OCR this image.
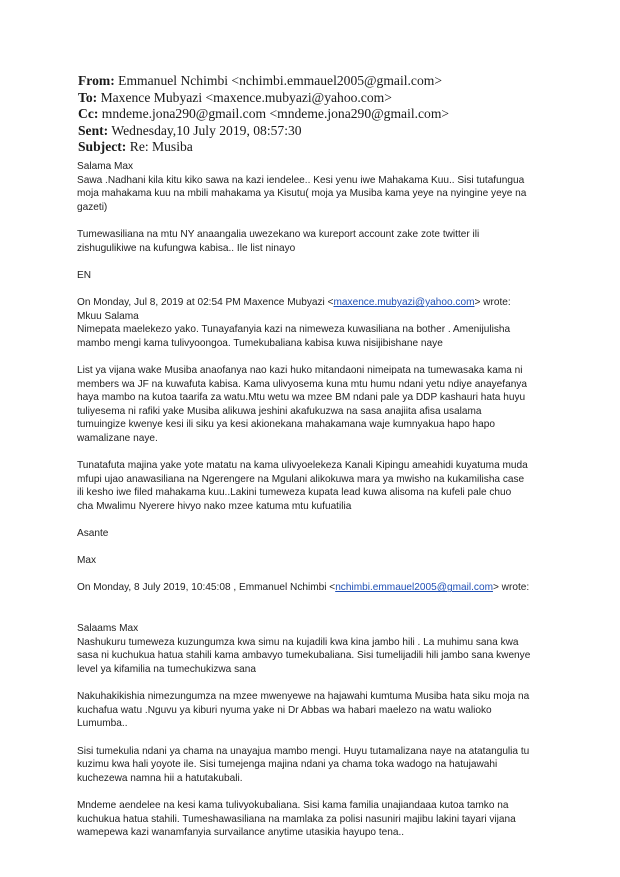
From: Emmanuel Nchimbi <nchimbi.emmauel2005@gmail.com>
To: Maxence Mubyazi <maxence.mubyazi@yahoo.com>
Cc: mndeme.jona290@gmail.com <mndeme.jona290@gmail.com>
Sent: Wednesday,10 July 2019, 08:57:30
Subject: Re: Musiba

Salama Max

Sawa .Nadhani kila kitu kiko sawa na kazi iendelee.. Kesi yenu iwe Mahakama Kuu.. Sisi tutafungua

moja mahakama kuu na mbili mahakama ya Kisutu( moja ya Musiba kama yeye na nyingine yeye na

gazeti)

Tumewasiliana na mtu NY anaangalia uwezekano wa kureport account zake zote twitter ili

zishugulikiwe na kufungwa kabisa.. Ile list ninayo

EN

On Monday, Jul 8, 2019 at 02:54 PM Maxence Mubyazi <maxence.mubyazi@yahoo.com> wrote:

Mkuu Salama

Nimepata maelekezo yako. Tunayafanyia kazi na nimeweza kuwasiliana na bother . Amenijulisha

mambo mengi kama tulivyoongoa. Tumekubaliana kabisa kuwa nisijibishane naye

List ya vijana wake Musiba anaofanya nao kazi huko mitandaoni nimeipata na tumewasaka kama ni

members wa JF na kuwafuta kabisa. Kama ulivyosema kuna mtu humu ndani yetu ndiye anayefanya

haya mambo na kutoa taarifa za watu.Mtu wetu wa mzee BM ndani pale ya DDP kashauri hata huyu

tuliyesema ni rafiki yake Musiba alikuwa jeshini akafukuzwa na sasa anajiita afisa usalama

tumuingize kwenye kesi ili siku ya kesi akionekana mahakamana waje kumnyakua hapo hapo

wamalizane naye.

Tunatafuta majina yake yote matatu na kama ulivyoelekeza Kanali Kipingu ameahidi kuyatuma muda

mfupi ujao anawasiliana na Ngerengere na Mgulani alikokuwa mara ya mwisho na kukamilisha case

ili kesho iwe filed mahakama kuu..Lakini tumeweza kupata lead kuwa alisoma na kufeli pale chuo

cha Mwalimu Nyerere hivyo nako mzee katuma mtu kufuatilia

Asante

Max

On Monday, 8 July 2019, 10:45:08 , Emmanuel Nchimbi <nchimbi.emmauel2005@gmail.com> wrote:

Salaams Max

Nashukuru tumeweza kuzungumza kwa simu na kujadili kwa kina jambo hili . La muhimu sana kwa

sasa ni kuchukua hatua stahili kama ambavyo tumekubaliana. Sisi tumelijadili hili jambo sana kwenye

level ya kifamilia na tumechukizwa sana

Nakuhakikishia nimezungumza na mzee mwenyewe na hajawahi kumtuma Musiba hata siku moja na

kuchafua watu .Nguvu ya kiburi nyuma yake ni Dr Abbas wa habari maelezo na watu walioko

Lumumba..

Sisi tumekulia ndani ya chama na unayajua mambo mengi. Huyu tutamalizana naye na atatangulia tu

kuzimu kwa hali yoyote ile. Sisi tumejenga majina ndani ya chama toka wadogo na hatujawahi

kuchezewa namna hii a hatutakubali.

Mndeme aendelee na kesi kama tulivyokubaliana. Sisi kama familia unajiandaaa kutoa tamko na

kuchukua hatua stahili. Tumeshawasiliana na mamlaka za polisi nasuniri majibu lakini tayari vijana

wamepewa kazi wanamfanyia survailance anytime utasikia hayupo tena..
